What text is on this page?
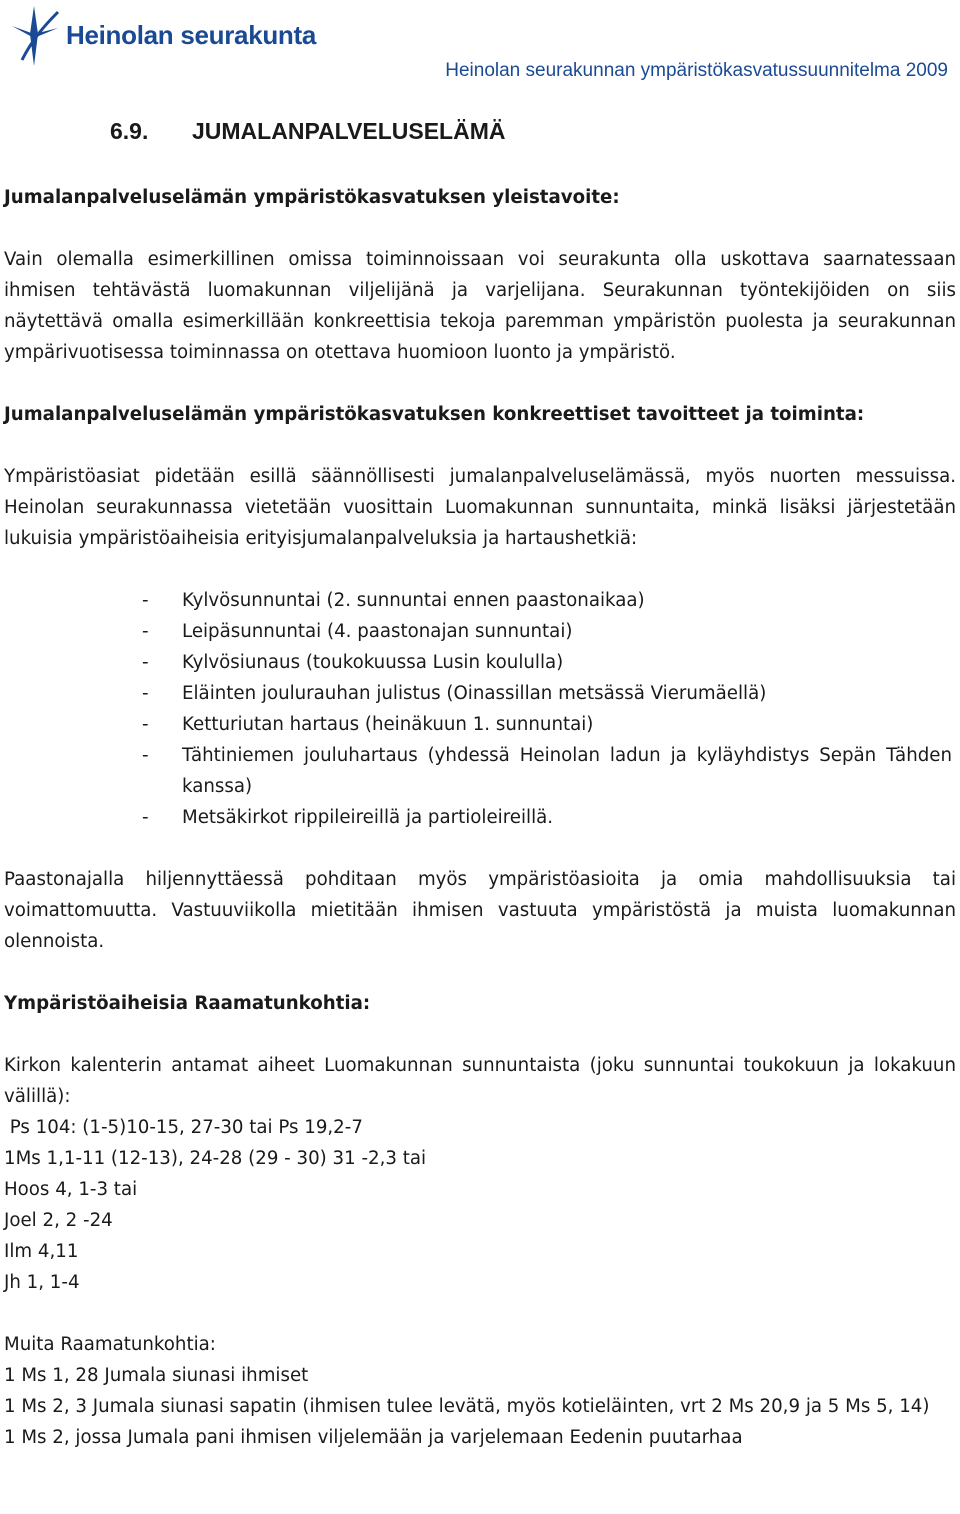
Heinolan seurakunta
Heinolan seurakunnan ympäristökasvatussuunnitelma 2009
6.9. JUMALANPALVELUSELÄMÄ

Jumalanpalveluselämän ympäristökasvatuksen yleistavoite:

Vain olemalla esimerkillinen omissa toiminnoissaan voi seurakunta olla uskottava saarnatessaan ihmisen tehtävästä luomakunnan viljelijänä ja varjelijana. Seurakunnan työntekijöiden on siis näytettävä omalla esimerkillään konkreettisia tekoja paremman ympäristön puolesta ja seurakunnan ympärivuotisessa toiminnassa on otettava huomioon luonto ja ympäristö.

Jumalanpalveluselämän ympäristökasvatuksen konkreettiset tavoitteet ja toiminta:

Ympäristöasiat pidetään esillä säännöllisesti jumalanpalveluselämässä, myös nuorten messuissa. Heinolan seurakunnassa vietetään vuosittain Luomakunnan sunnuntaita, minkä lisäksi järjestetään lukuisia ympäristöaiheisia erityisjumalanpalveluksia ja hartaushetkiä:

- Kylvösunnuntai (2. sunnuntai ennen paastonaikaa)
- Leipäsunnuntai (4. paastonajan sunnuntai)
- Kylvösiunaus (toukokuussa Lusin koululla)
- Eläinten joulurauhan julistus (Oinassillan metsässä Vierumäellä)
- Ketturiutan hartaus (heinäkuun 1. sunnuntai)
- Tähtiniemen jouluhartaus (yhdessä Heinolan ladun ja kyläyhdistys Sepän Tähden kanssa)
- Metsäkirkot rippileireillä ja partioleireillä.

Paastonajalla hiljennyttäessä pohditaan myös ympäristöasioita ja omia mahdollisuuksia tai voimattomuutta. Vastuuviikolla mietitään ihmisen vastuuta ympäristöstä ja muista luomakunnan olennoista.

Ympäristöaiheisia Raamatunkohtia:

Kirkon kalenterin antamat aiheet Luomakunnan sunnuntaista (joku sunnuntai toukokuun ja lokakuun välillä):

Ps 104: (1-5)10-15, 27-30 tai Ps 19,2-7
1Ms 1,1-11 (12-13), 24-28 (29 - 30) 31 -2,3 tai
Hoos 4, 1-3 tai
Joel 2, 2 -24
Ilm 4,11
Jh 1, 1-4
Muita Raamatunkohtia:
1 Ms 1, 28 Jumala siunasi ihmiset

1 Ms 2, 3 Jumala siunasi sapatin (ihmisen tulee levätä, myös kotieläinten, vrt 2 Ms 20,9 ja 5 Ms 5, 14)

1 Ms 2, jossa Jumala pani ihmisen viljelemään ja varjelemaan Eedenin puutarhaa
